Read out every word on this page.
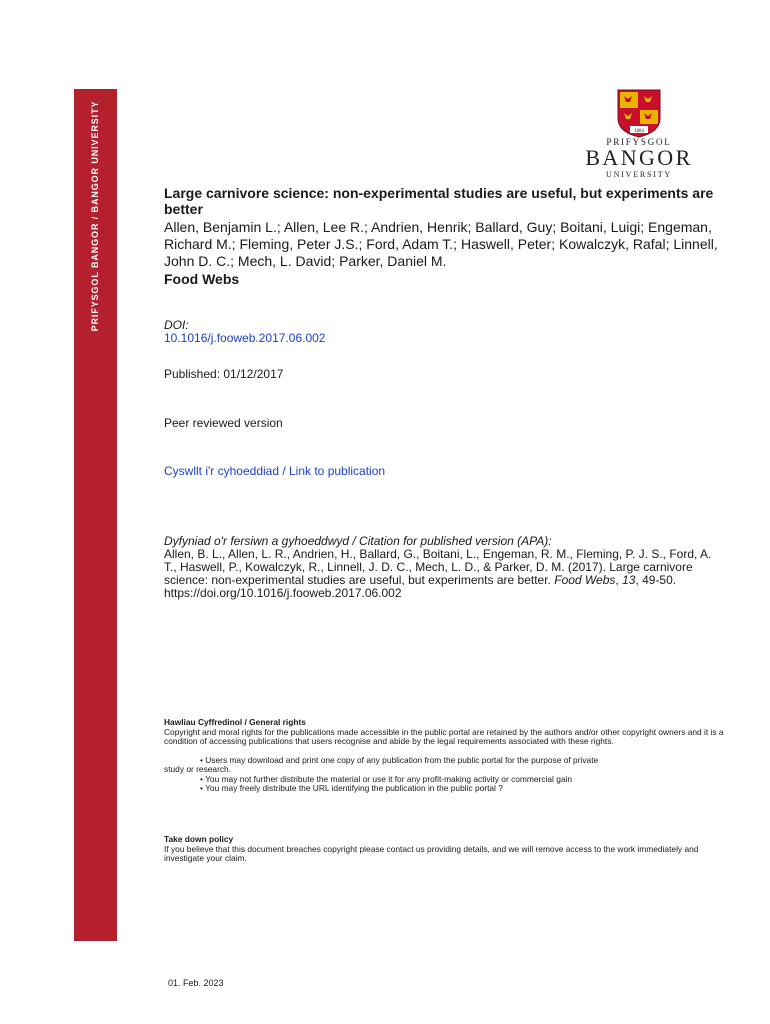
PRIFYSGOL BANGOR / BANGOR UNIVERSITY	1884
PRIFYSGOL
BANGOR
UNIVERSITY
Large carnivore science: non-experimental studies are useful, but experiments are better

Allen, Benjamin L.; Allen, Lee R.; Andrien, Henrik; Ballard, Guy; Boitani, Luigi; Engeman, Richard M.; Fleming, Peter J.S.; Ford, Adam T.; Haswell, Peter; Kowalczyk, Rafal; Linnell, John D. C.; Mech, L. David; Parker, Daniel M.

Food Webs
DOI:
10.1016/j.fooweb.2017.06.002
Published: 01/12/2017
Peer reviewed version
Cyswllt i'r cyhoeddiad / Link to publication
Dyfyniad o'r fersiwn a gyhoeddwyd / Citation for published version (APA):
Allen, B. L., Allen, L. R., Andrien, H., Ballard, G., Boitani, L., Engeman, R. M., Fleming, P. J. S., Ford, A. T., Haswell, P., Kowalczyk, R., Linnell, J. D. C., Mech, L. D., & Parker, D. M. (2017). Large carnivore science: non-experimental studies are useful, but experiments are better. Food Webs, 13, 49-50. https://doi.org/10.1016/j.fooweb.2017.06.002
Hawliau Cyffredinol / General rights
Copyright and moral rights for the publications made accessible in the public portal are retained by the authors and/or other copyright owners and it is a condition of accessing publications that users recognise and abide by the legal requirements associated with these rights.
• Users may download and print one copy of any publication from the public portal for the purpose of private
study or research.
• You may not further distribute the material or use it for any profit-making activity or commercial gain
• You may freely distribute the URL identifying the publication in the public portal ?
Take down policy
If you believe that this document breaches copyright please contact us providing details, and we will remove access to the work immediately and investigate your claim.
01. Feb. 2023
